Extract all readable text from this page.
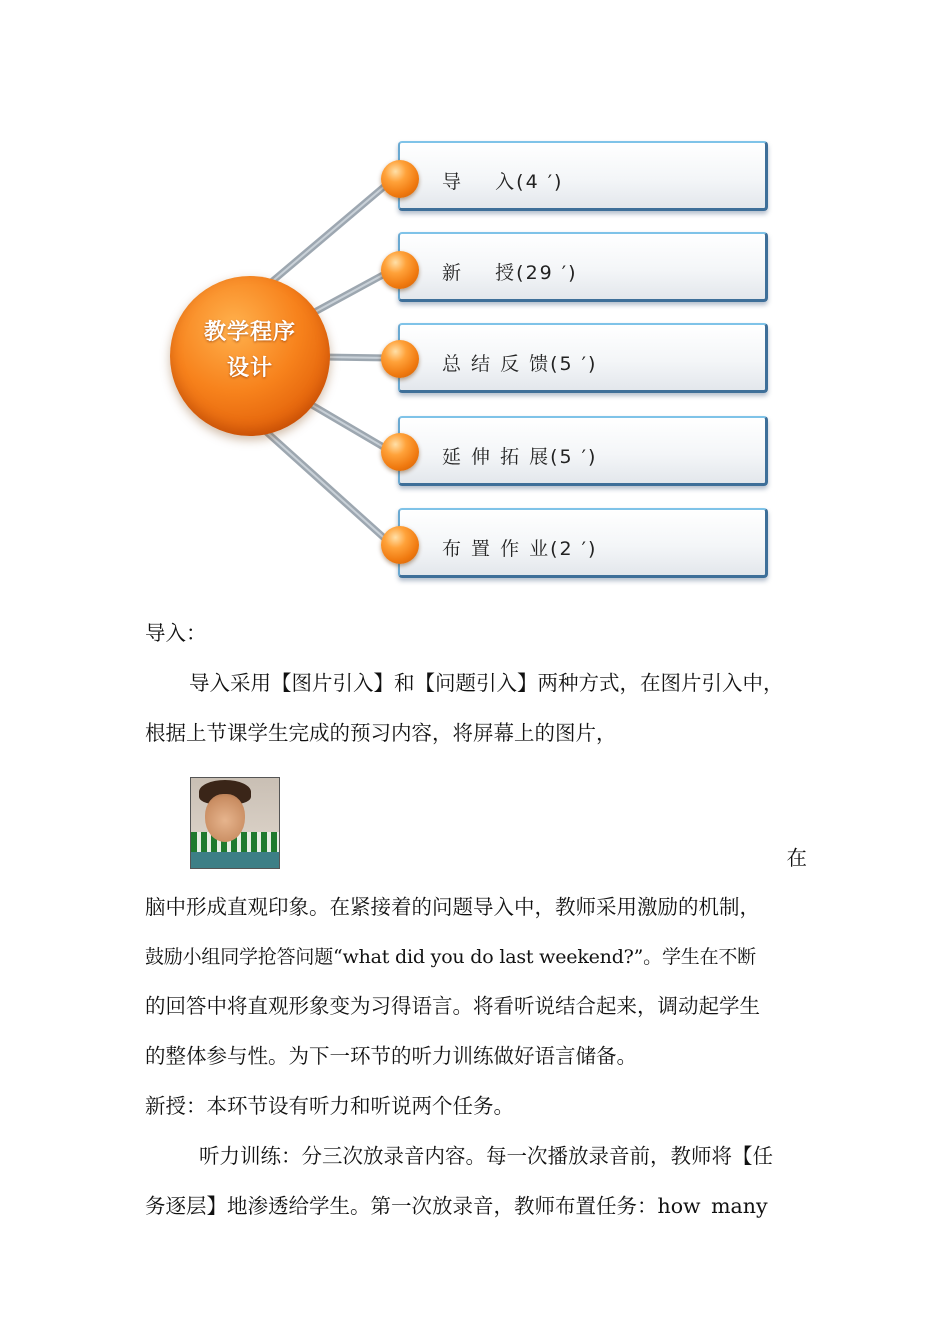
教学程序
设计
导    入(4 ′)
新    授(29 ′)
总 结 反 馈(5 ′)
延 伸 拓 展(5 ′)
布 置 作 业(2 ′)

导入：

导入采用【图片引入】和【问题引入】两种方式，在图片引入中，
根据上节课学生完成的预习内容，将屏幕上的图片，

在

脑中形成直观印象。在紧接着的问题导入中，教师采用激励的机制，
鼓励小组同学抢答问题“what did you do last weekend?”。学生在不断
的回答中将直观形象变为习得语言。将看听说结合起来，调动起学生
的整体参与性。为下一环节的听力训练做好语言储备。

新授：本环节设有听力和听说两个任务。

听力训练：分三次放录音内容。每一次播放录音前，教师将【任
务逐层】地渗透给学生。第一次放录音，教师布置任务：how many
